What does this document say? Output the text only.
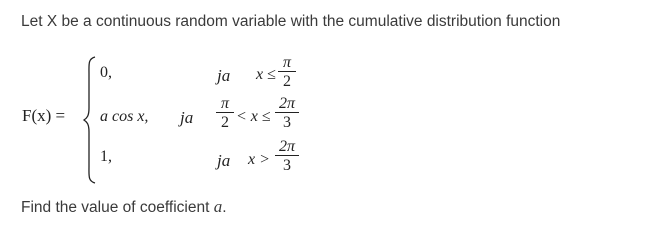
Let X be a continuous random variable with the cumulative distribution function
F(x) =
0,	ja x ≤
π
2
a cos x, ja
π
2 < x ≤
2π
3
1,	ja x >
2π
3
Find the value of coefficient a.
